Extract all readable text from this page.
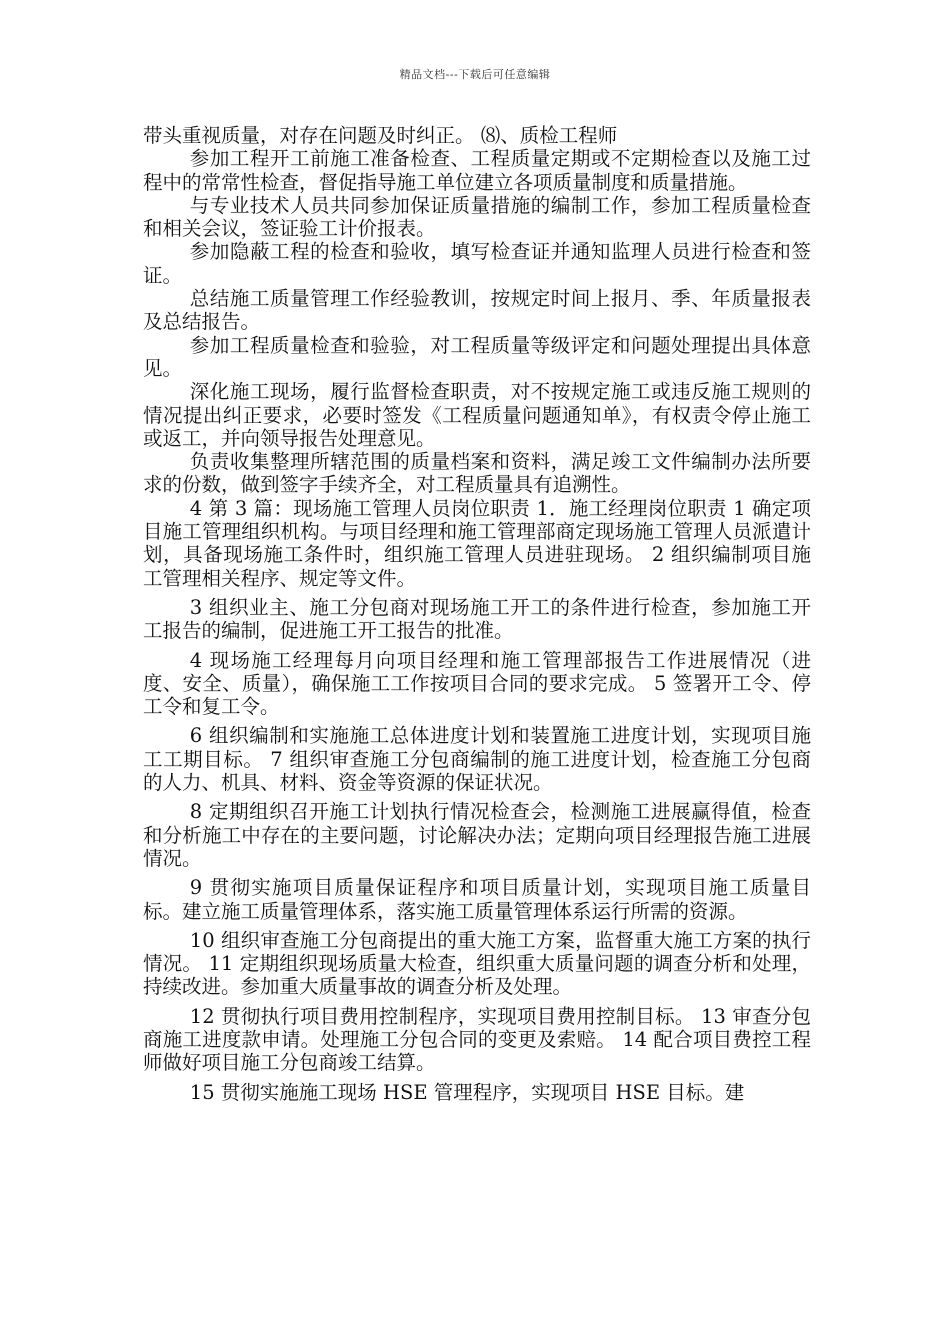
精品文档---下载后可任意编辑

带头重视质量，对存在问题及时纠正。 ⑻、质检工程师

参加工程开工前施工准备检查、工程质量定期或不定期检查以及施工过程中的常常性检查，督促指导施工单位建立各项质量制度和质量措施。

与专业技术人员共同参加保证质量措施的编制工作，参加工程质量检查和相关会议，签证验工计价报表。

参加隐蔽工程的检查和验收，填写检查证并通知监理人员进行检查和签证。

总结施工质量管理工作经验教训，按规定时间上报月、季、年质量报表及总结报告。

参加工程质量检查和验验，对工程质量等级评定和问题处理提出具体意见。

深化施工现场，履行监督检查职责，对不按规定施工或违反施工规则的情况提出纠正要求，必要时签发《工程质量问题通知单》，有权责令停止施工或返工，并向领导报告处理意见。

负责收集整理所辖范围的质量档案和资料，满足竣工文件编制办法所要求的份数，做到签字手续齐全，对工程质量具有追溯性。

4 第 3 篇：现场施工管理人员岗位职责 1．施工经理岗位职责 1 确定项目施工管理组织机构。与项目经理和施工管理部商定现场施工管理人员派遣计划，具备现场施工条件时，组织施工管理人员进驻现场。 2 组织编制项目施工管理相关程序、规定等文件。

3 组织业主、施工分包商对现场施工开工的条件进行检查，参加施工开工报告的编制，促进施工开工报告的批准。

4 现场施工经理每月向项目经理和施工管理部报告工作进展情况（进度、安全、质量），确保施工工作按项目合同的要求完成。 5 签署开工令、停工令和复工令。

6 组织编制和实施施工总体进度计划和装置施工进度计划，实现项目施工工期目标。 7 组织审查施工分包商编制的施工进度计划，检查施工分包商的人力、机具、材料、资金等资源的保证状况。

8 定期组织召开施工计划执行情况检查会，检测施工进展赢得值，检查和分析施工中存在的主要问题，讨论解决办法；定期向项目经理报告施工进展情况。

9 贯彻实施项目质量保证程序和项目质量计划，实现项目施工质量目标。建立施工质量管理体系，落实施工质量管理体系运行所需的资源。

10 组织审查施工分包商提出的重大施工方案，监督重大施工方案的执行情况。 11 定期组织现场质量大检查，组织重大质量问题的调查分析和处理，持续改进。参加重大质量事故的调查分析及处理。

12 贯彻执行项目费用控制程序，实现项目费用控制目标。 13 审查分包商施工进度款申请。处理施工分包合同的变更及索赔。 14 配合项目费控工程师做好项目施工分包商竣工结算。

15 贯彻实施施工现场 HSE 管理程序，实现项目 HSE 目标。建
